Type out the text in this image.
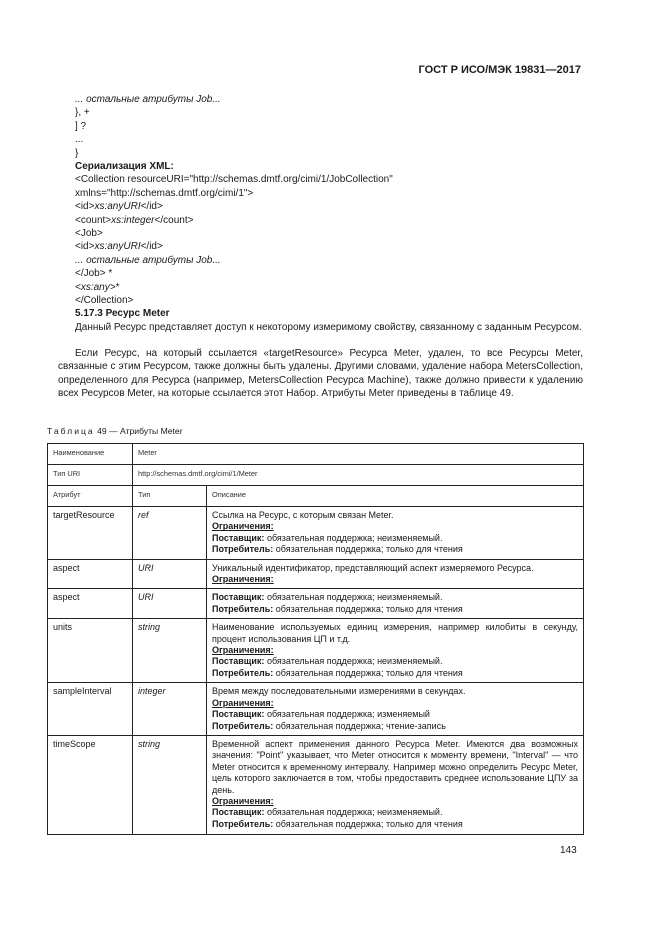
ГОСТ Р ИСО/МЭК 19831—2017
... остальные атрибуты Job...
}, +
] ?
...
}
Сериализация XML:
<Collection resourceURI="http://schemas.dmtf.org/cimi/1/JobCollection"
xmlns="http://schemas.dmtf.org/cimi/1">
<id>xs:anyURI</id>
<count>xs:integer</count>
<Job>
<id>xs:anyURI</id>
... остальные атрибуты Job...
</Job> *
<xs:any>*
</Collection>
5.17.3 Ресурс Meter
Данный Ресурс представляет доступ к некоторому измеримому свойству, связанному с заданным Ресурсом.
Если Ресурс, на который ссылается «targetResource» Ресурса Meter, удален, то все Ресурсы Meter, связанные с этим Ресурсом, также должны быть удалены. Другими словами, удаление набора MetersCollection, определенного для Ресурса (например, MetersCollection Ресурса Machine), также должно привести к удалению всех Ресурсов Meter, на которые ссылается этот Набор. Атрибуты Meter приведены в таблице 49.
Таблица 49 — Атрибуты Meter
Наименование	Meter	
Тип URI	http://schemas.dmtf.org/cimi/1/Meter	
Атрибут	Тип	Описание
targetResource	ref	Ссылка на Ресурс, с которым связан Meter.
Ограничения:
Поставщик: обязательная поддержка; неизменяемый.
Потребитель: обязательная поддержка; только для чтения

aspect	URI	Уникальный идентификатор, представляющий аспект измеряемого Ресурса.
Ограничения:

aspect	URI	Поставщик: обязательная поддержка; неизменяемый.
Потребитель: обязательная поддержка; только для чтения

units	string	Наименование используемых единиц измерения, например килобиты в секунду, процент использования ЦП и т.д.
Ограничения:
Поставщик: обязательная поддержка; неизменяемый.
Потребитель: обязательная поддержка; только для чтения

sampleInterval	integer	Время между последовательными измерениями в секундах.
Ограничения:
Поставщик: обязательная поддержка; изменяемый
Потребитель: обязательная поддержка; чтение-запись

timeScope	string	Временной аспект применения данного Ресурса Meter. Имеются два возможных значения: "Point" указывает, что Meter относится к моменту времени, "Interval" — что Meter относится к временному интервалу. Например можно определить Ресурс Meter, цель которого заключается в том, чтобы предоставить среднее использование ЦПУ за день.
Ограничения:
Поставщик: обязательная поддержка; неизменяемый.
Потребитель: обязательная поддержка; только для чтения
143
